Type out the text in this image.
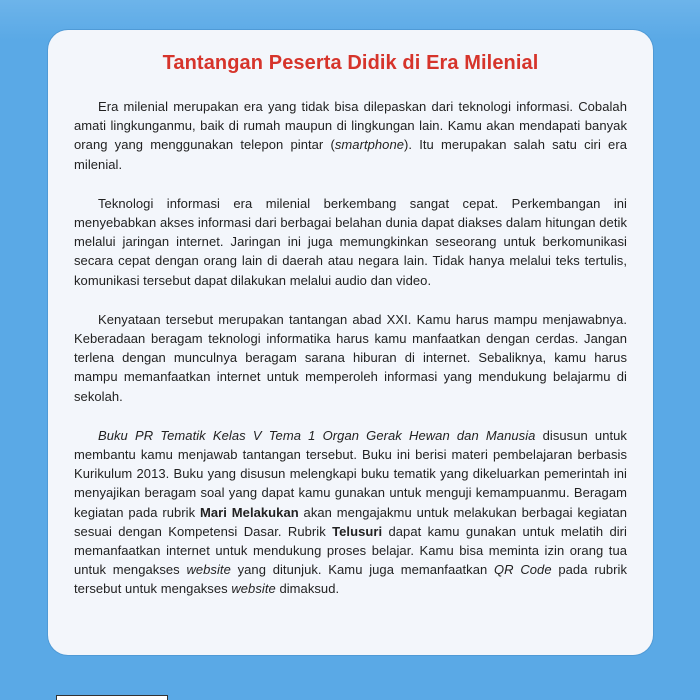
Tantangan Peserta Didik di Era Milenial

Era milenial merupakan era yang tidak bisa dilepaskan dari teknologi informasi. Cobalah amati lingkunganmu, baik di rumah maupun di lingkungan lain. Kamu akan mendapati banyak orang yang menggunakan telepon pintar (smartphone). Itu merupakan salah satu ciri era milenial.

Teknologi informasi era milenial berkembang sangat cepat. Perkembangan ini menyebabkan akses informasi dari berbagai belahan dunia dapat diakses dalam hitungan detik melalui jaringan internet. Jaringan ini juga memungkinkan seseorang untuk berkomunikasi secara cepat dengan orang lain di daerah atau negara lain. Tidak hanya melalui teks tertulis, komunikasi tersebut dapat dilakukan melalui audio dan video.

Kenyataan tersebut merupakan tantangan abad XXI. Kamu harus mampu menjawabnya. Keberadaan beragam teknologi informatika harus kamu manfaatkan dengan cerdas. Jangan terlena dengan munculnya beragam sarana hiburan di internet. Sebaliknya, kamu harus mampu memanfaatkan internet untuk memperoleh informasi yang mendukung belajarmu di sekolah.

Buku PR Tematik Kelas V Tema 1 Organ Gerak Hewan dan Manusia disusun untuk membantu kamu menjawab tantangan tersebut. Buku ini berisi materi pembelajaran berbasis Kurikulum 2013. Buku yang disusun melengkapi buku tematik yang dikeluarkan pemerintah ini menyajikan beragam soal yang dapat kamu gunakan untuk menguji kemampuanmu. Beragam kegiatan pada rubrik Mari Melakukan akan mengajakmu untuk melakukan berbagai kegiatan sesuai dengan Kompetensi Dasar. Rubrik Telusuri dapat kamu gunakan untuk melatih diri memanfaatkan internet untuk mendukung proses belajar. Kamu bisa meminta izin orang tua untuk mengakses website yang ditunjuk. Kamu juga memanfaatkan QR Code pada rubrik tersebut untuk mengakses website dimaksud.
